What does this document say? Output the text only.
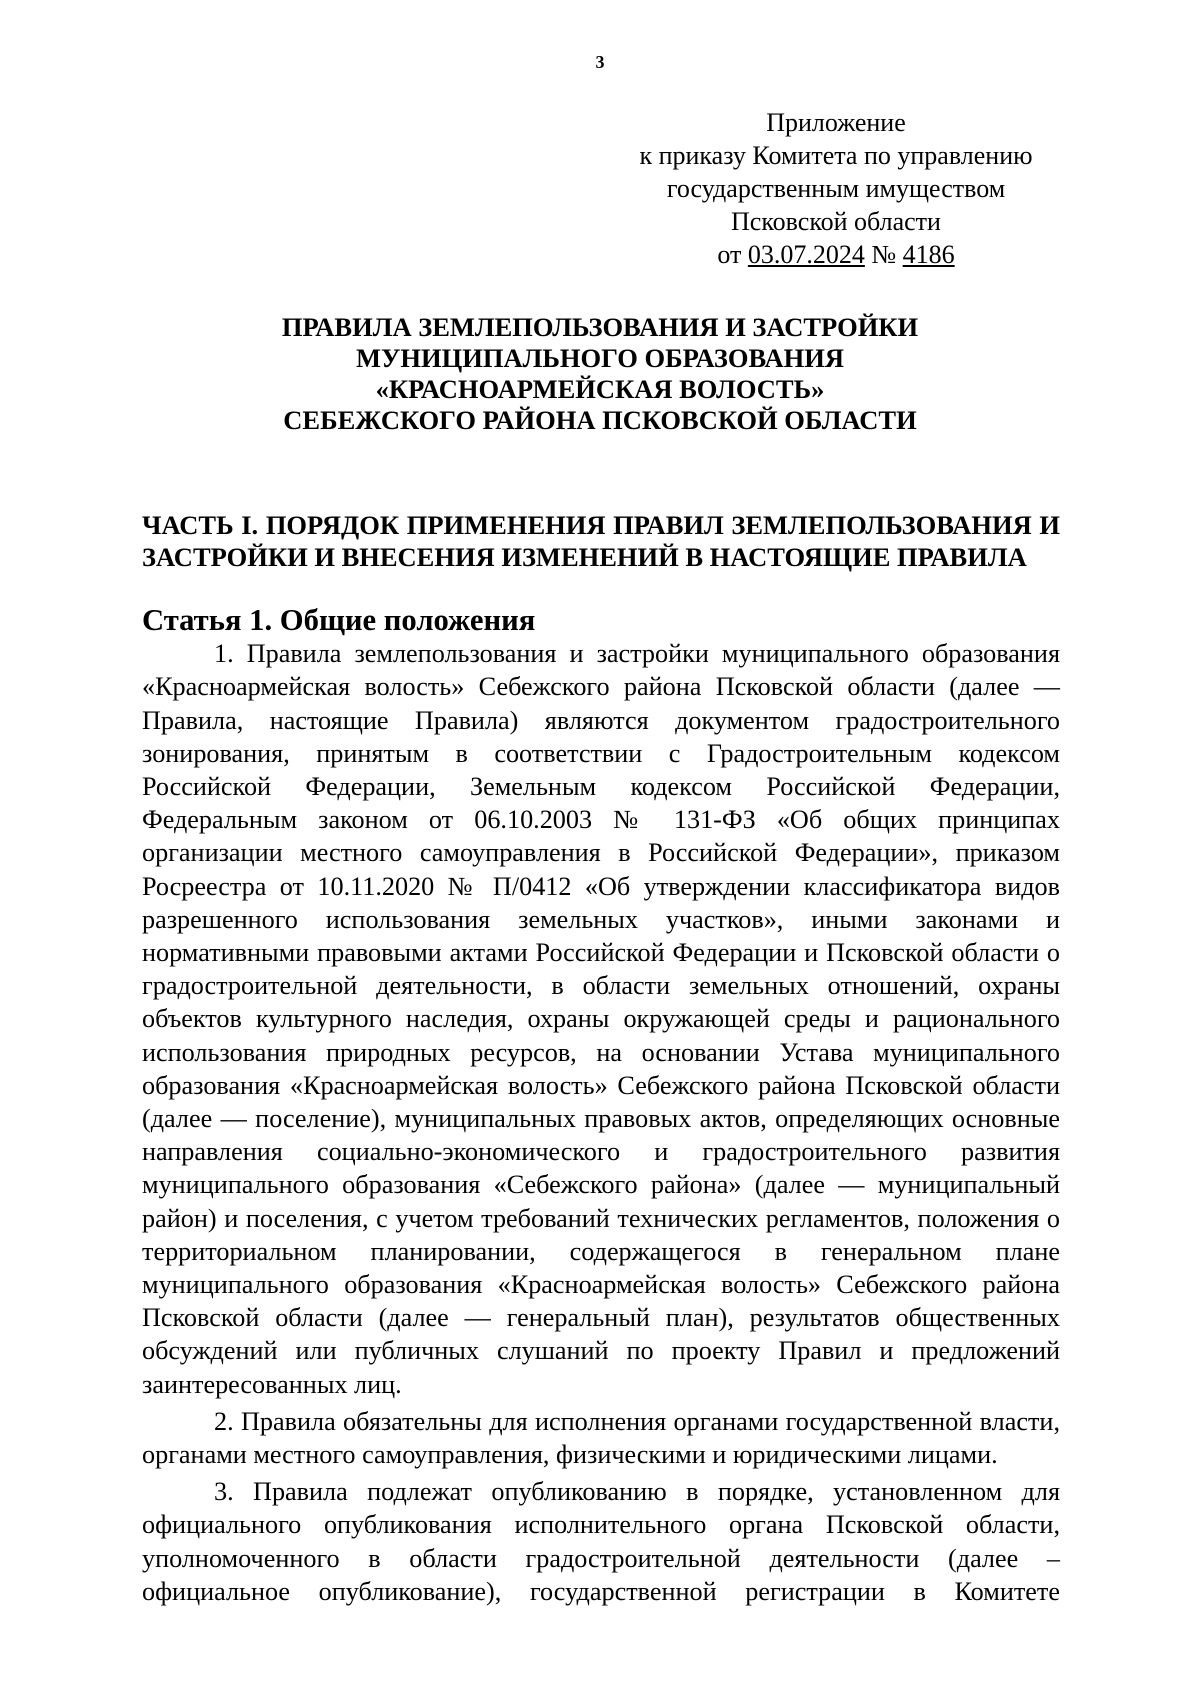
3
Приложение
к приказу Комитета по управлению
государственным имуществом
Псковской области
от 03.07.2024 № 4186
ПРАВИЛА ЗЕМЛЕПОЛЬЗОВАНИЯ И ЗАСТРОЙКИ
МУНИЦИПАЛЬНОГО ОБРАЗОВАНИЯ
«КРАСНОАРМЕЙСКАЯ ВОЛОСТЬ»
СЕБЕЖСКОГО РАЙОНА ПСКОВСКОЙ ОБЛАСТИ
ЧАСТЬ I. ПОРЯДОК ПРИМЕНЕНИЯ ПРАВИЛ ЗЕМЛЕПОЛЬЗОВАНИЯ И ЗАСТРОЙКИ И ВНЕСЕНИЯ ИЗМЕНЕНИЙ В НАСТОЯЩИЕ ПРАВИЛА
Статья 1. Общие положения

1. Правила землепользования и застройки муниципального образования «Красноармейская волость» Себежского района Псковской области (далее — Правила, настоящие Правила) являются документом градостроительного зонирования, принятым в соответствии с Градостроительным кодексом Российской Федерации, Земельным кодексом Российской Федерации, Федеральным законом от 06.10.2003 № 131-ФЗ «Об общих принципах организации местного самоуправления в Российской Федерации», приказом Росреестра от 10.11.2020 № П/0412 «Об утверждении классификатора видов разрешенного использования земельных участков», иными законами и нормативными правовыми актами Российской Федерации и Псковской области о градостроительной деятельности, в области земельных отношений, охраны объектов культурного наследия, охраны окружающей среды и рационального использования природных ресурсов, на основании Устава муниципального образования «Красноармейская волость» Себежского района Псковской области (далее — поселение), муниципальных правовых актов, определяющих основные направления социально-экономического и градостроительного развития муниципального образования «Себежского района» (далее — муниципальный район) и поселения, с учетом требований технических регламентов, положения о территориальном планировании, содержащегося в генеральном плане муниципального образования «Красноармейская волость» Себежского района Псковской области (далее — генеральный план), результатов общественных обсуждений или публичных слушаний по проекту Правил и предложений заинтересованных лиц.

2. Правила обязательны для исполнения органами государственной власти, органами местного самоуправления, физическими и юридическими лицами.

3. Правила подлежат опубликованию в порядке, установленном для официального опубликования исполнительного органа Псковской области, уполномоченного в области градостроительной деятельности (далее – официальное опубликование), государственной регистрации в Комитете
